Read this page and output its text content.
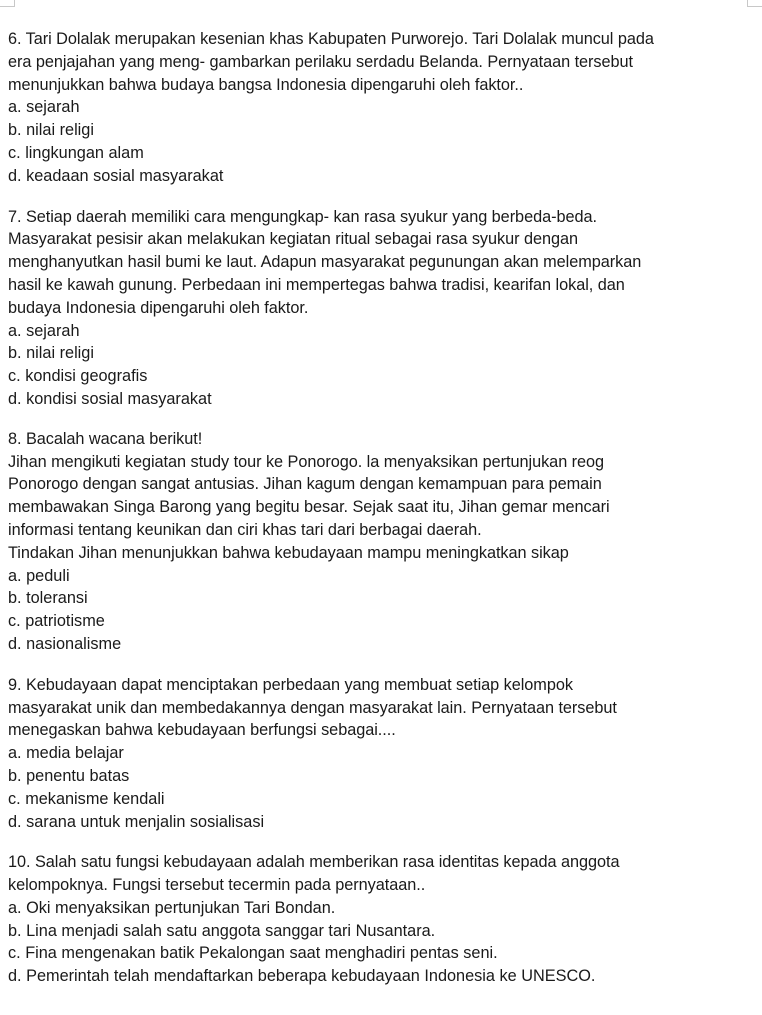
6. Tari Dolalak merupakan kesenian khas Kabupaten Purworejo. Tari Dolalak muncul pada
era penjajahan yang meng- gambarkan perilaku serdadu Belanda. Pernyataan tersebut
menunjukkan bahwa budaya bangsa Indonesia dipengaruhi oleh faktor..
a. sejarah
b. nilai religi
c. lingkungan alam
d. keadaan sosial masyarakat
7. Setiap daerah memiliki cara mengungkap- kan rasa syukur yang berbeda-beda.
Masyarakat pesisir akan melakukan kegiatan ritual sebagai rasa syukur dengan
menghanyutkan hasil bumi ke laut. Adapun masyarakat pegunungan akan melemparkan
hasil ke kawah gunung. Perbedaan ini mempertegas bahwa tradisi, kearifan lokal, dan
budaya Indonesia dipengaruhi oleh faktor.
a. sejarah
b. nilai religi
c. kondisi geografis
d. kondisi sosial masyarakat
8. Bacalah wacana berikut!
Jihan mengikuti kegiatan study tour ke Ponorogo. la menyaksikan pertunjukan reog
Ponorogo dengan sangat antusias. Jihan kagum dengan kemampuan para pemain
membawakan Singa Barong yang begitu besar. Sejak saat itu, Jihan gemar mencari
informasi tentang keunikan dan ciri khas tari dari berbagai daerah.
Tindakan Jihan menunjukkan bahwa kebudayaan mampu meningkatkan sikap
a. peduli
b. toleransi
c. patriotisme
d. nasionalisme
9. Kebudayaan dapat menciptakan perbedaan yang membuat setiap kelompok
masyarakat unik dan membedakannya dengan masyarakat lain. Pernyataan tersebut
menegaskan bahwa kebudayaan berfungsi sebagai....
a. media belajar
b. penentu batas
c. mekanisme kendali
d. sarana untuk menjalin sosialisasi
10. Salah satu fungsi kebudayaan adalah memberikan rasa identitas kepada anggota
kelompoknya. Fungsi tersebut tecermin pada pernyataan..
a. Oki menyaksikan pertunjukan Tari Bondan.
b. Lina menjadi salah satu anggota sanggar tari Nusantara.
c. Fina mengenakan batik Pekalongan saat menghadiri pentas seni.
d. Pemerintah telah mendaftarkan beberapa kebudayaan Indonesia ke UNESCO.
